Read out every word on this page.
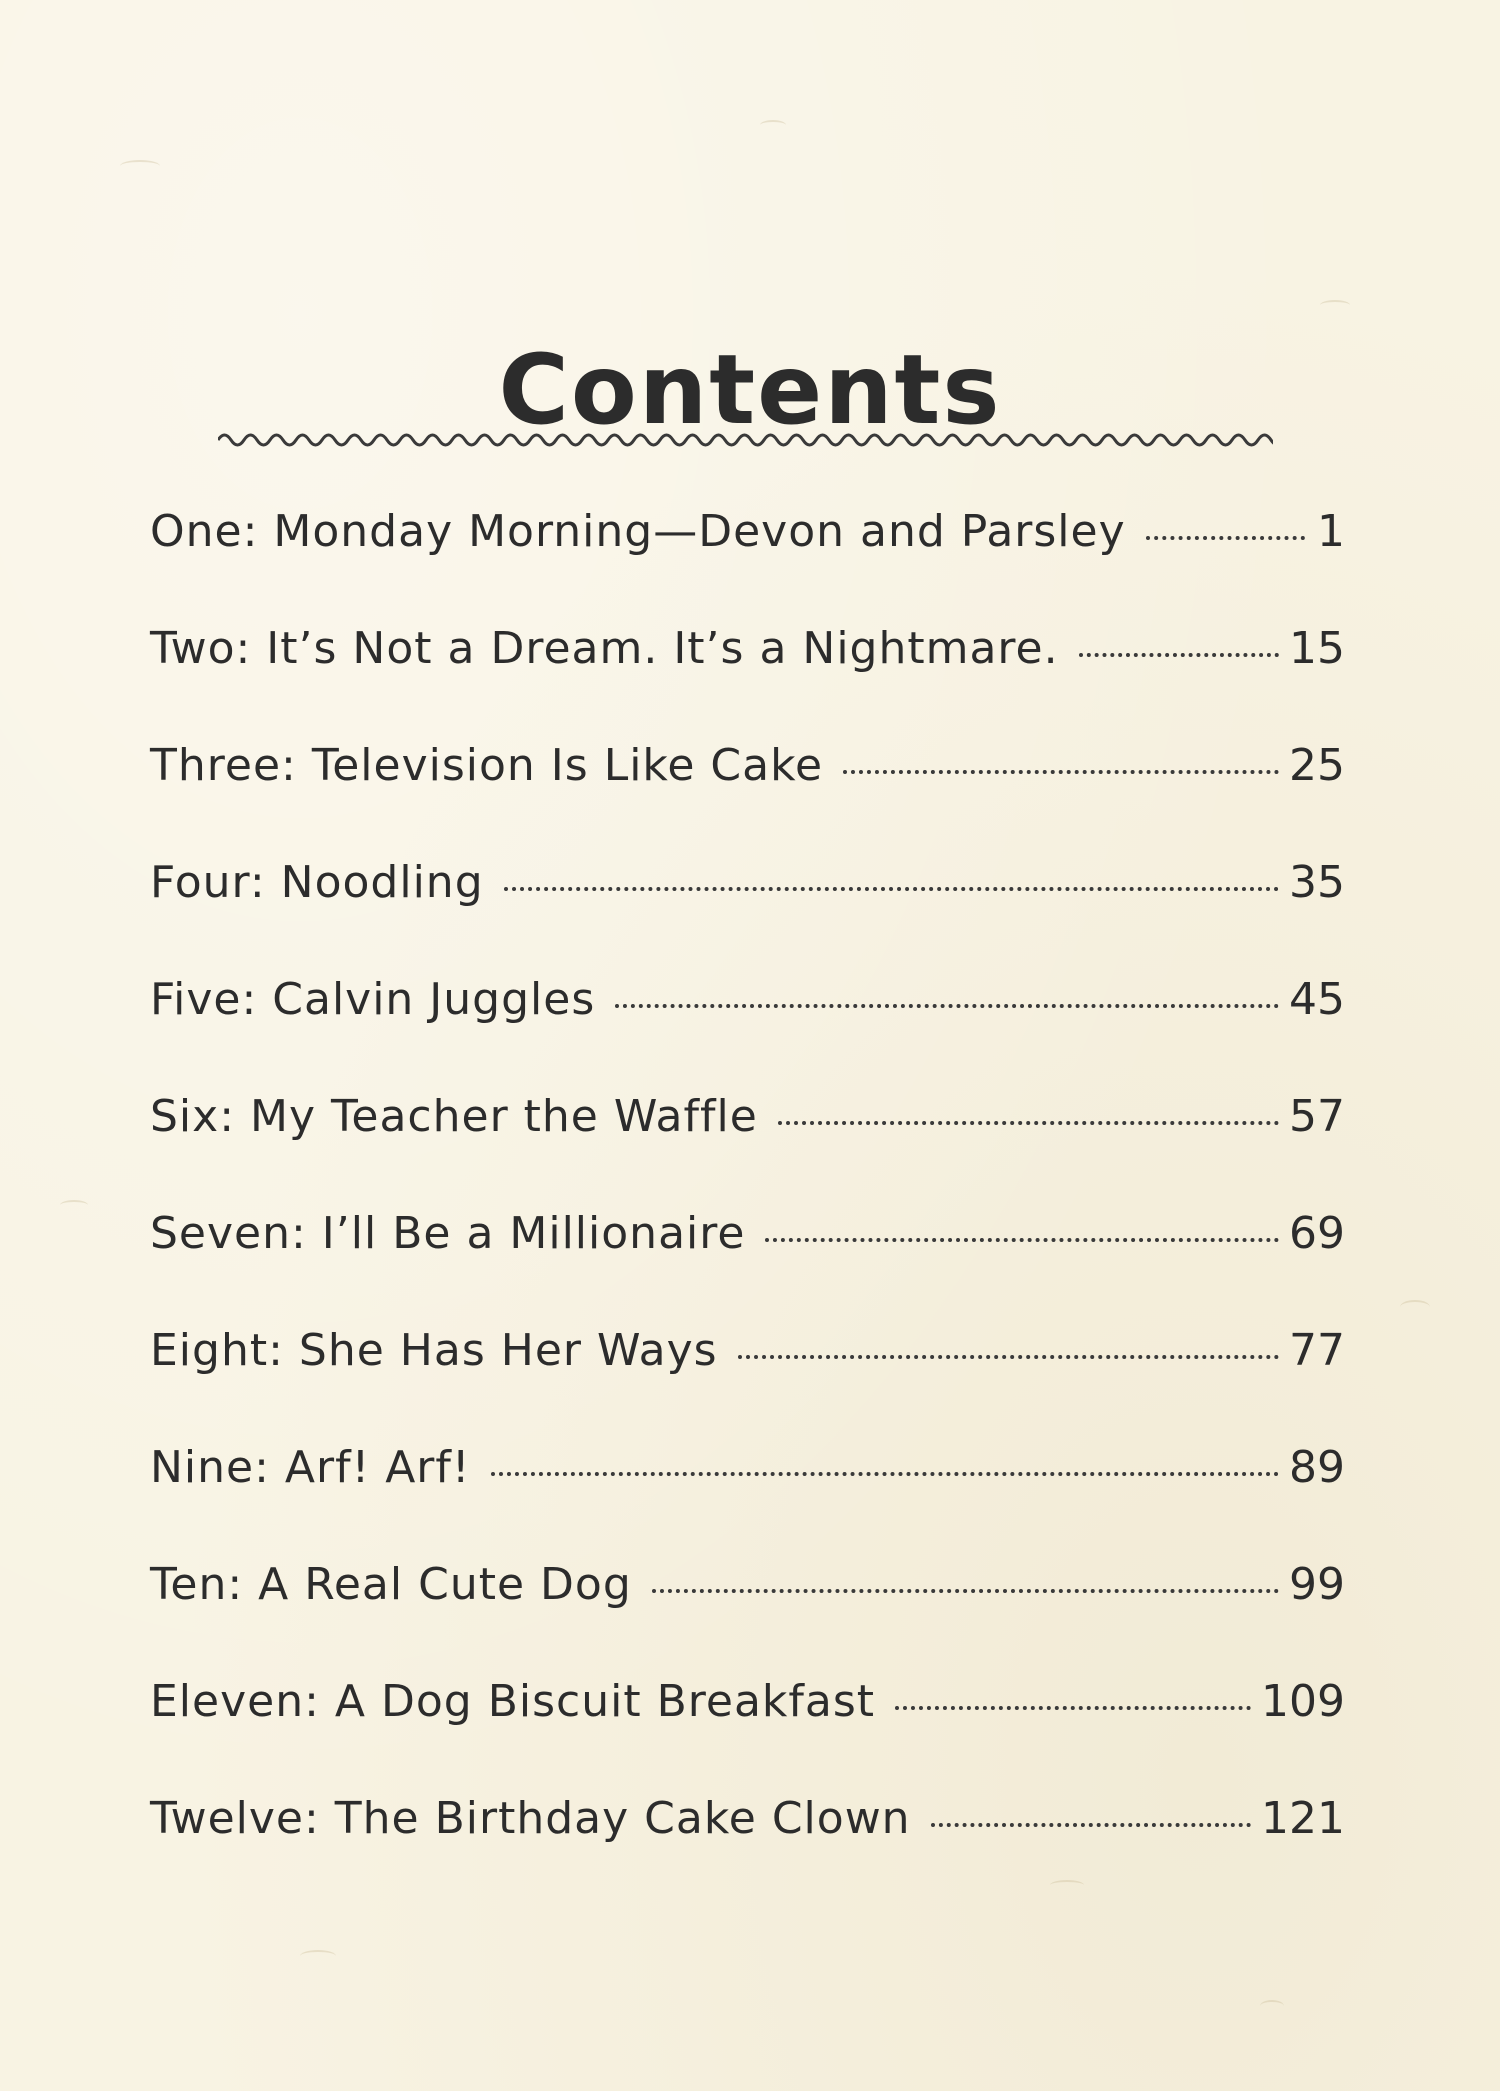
Contents
One: Monday Morning—Devon and Parsley	1
Two: It’s Not a Dream. It’s a Nightmare.	15
Three: Television Is Like Cake	25
Four: Noodling	35
Five: Calvin Juggles	45
Six: My Teacher the Waffle	57
Seven: I’ll Be a Millionaire	69
Eight: She Has Her Ways	77
Nine: Arf! Arf!	89
Ten: A Real Cute Dog	99
Eleven: A Dog Biscuit Breakfast	109
Twelve: The Birthday Cake Clown	121
